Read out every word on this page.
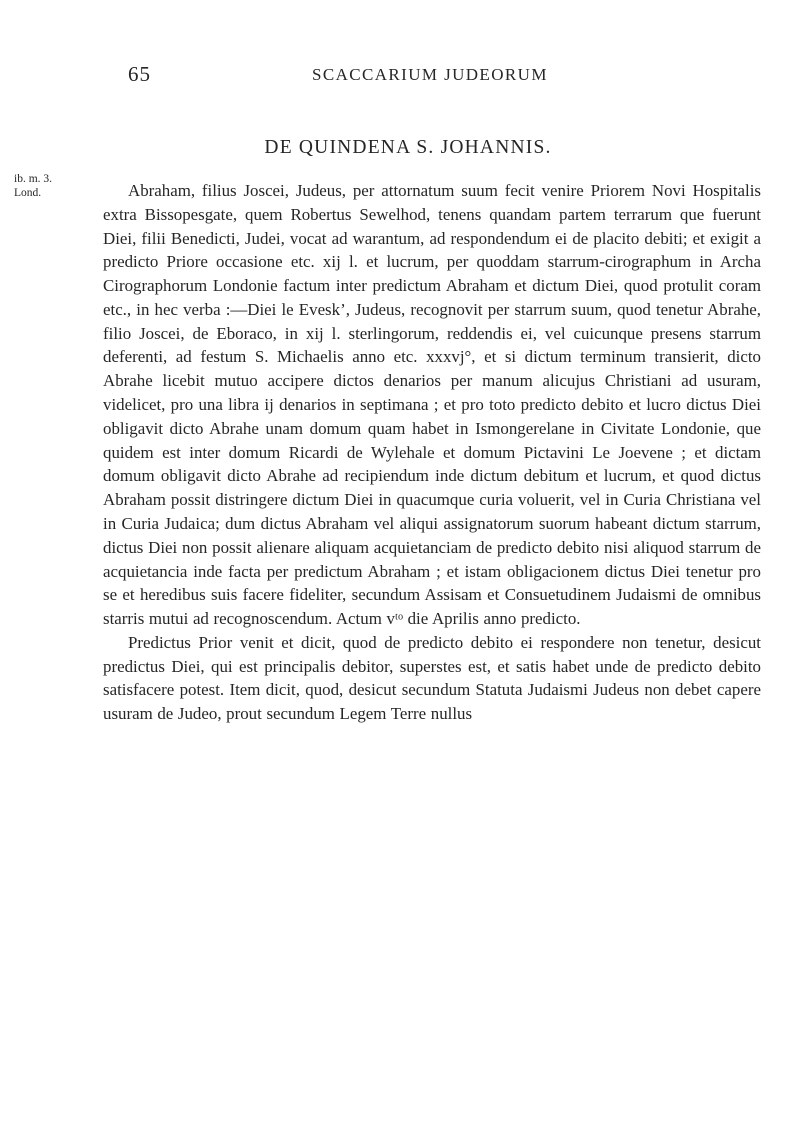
65	SCACCARIUM JUDEORUM
DE QUINDENA S. JOHANNIS.
ib. m. 3.
Lond.	Abraham, filius Joscei, Judeus, per attornatum suum fecit venire Priorem Novi Hospitalis extra Bissopesgate, quem Robertus Sewelhod, tenens quandam partem terrarum que fuerunt Diei, filii Benedicti, Judei, vocat ad warantum, ad respondendum ei de placito debiti; et exigit a predicto Priore occasione etc. xij l. et lucrum, per quoddam starrum-cirographum in Archa Cirographorum Londonie factum inter predictum Abraham et dictum Diei, quod protulit coram etc., in hec verba :—Diei le Evesk’, Judeus, recognovit per starrum suum, quod tenetur Abrahe, filio Joscei, de Eboraco, in xij l. sterlingorum, reddendis ei, vel cuicunque presens starrum deferenti, ad festum S. Michaelis anno etc. xxxvj°, et si dictum terminum transierit, dicto Abrahe licebit mutuo accipere dictos denarios per manum alicujus Christiani ad usuram, videlicet, pro una libra ij denarios in septimana ; et pro toto predicto debito et lucro dictus Diei obligavit dicto Abrahe unam domum quam habet in Ismongerelane in Civitate Londonie, que quidem est inter domum Ricardi de Wylehale et domum Pictavini Le Joevene ; et dictam domum obligavit dicto Abrahe ad recipiendum inde dictum debitum et lucrum, et quod dictus Abraham possit distringere dictum Diei in quacumque curia voluerit, vel in Curia Christiana vel in Curia Judaica; dum dictus Abraham vel aliqui assignatorum suorum habeant dictum starrum, dictus Diei non possit alienare aliquam acquietanciam de predicto debito nisi aliquod starrum de acquietancia inde facta per predictum Abraham ; et istam obligacionem dictus Diei tenetur pro se et heredibus suis facere fideliter, secundum Assisam et Consuetudinem Judaismi de omnibus starris mutui ad recognoscendum. Actum vᵗᵒ die Aprilis anno predicto.

Predictus Prior venit et dicit, quod de predicto debito ei respondere non tenetur, desicut predictus Diei, qui est principalis debitor, superstes est, et satis habet unde de predicto debito satisfacere potest. Item dicit, quod, desicut secundum Statuta Judaismi Judeus non debet capere usuram de Judeo, prout secundum Legem Terre nullus
